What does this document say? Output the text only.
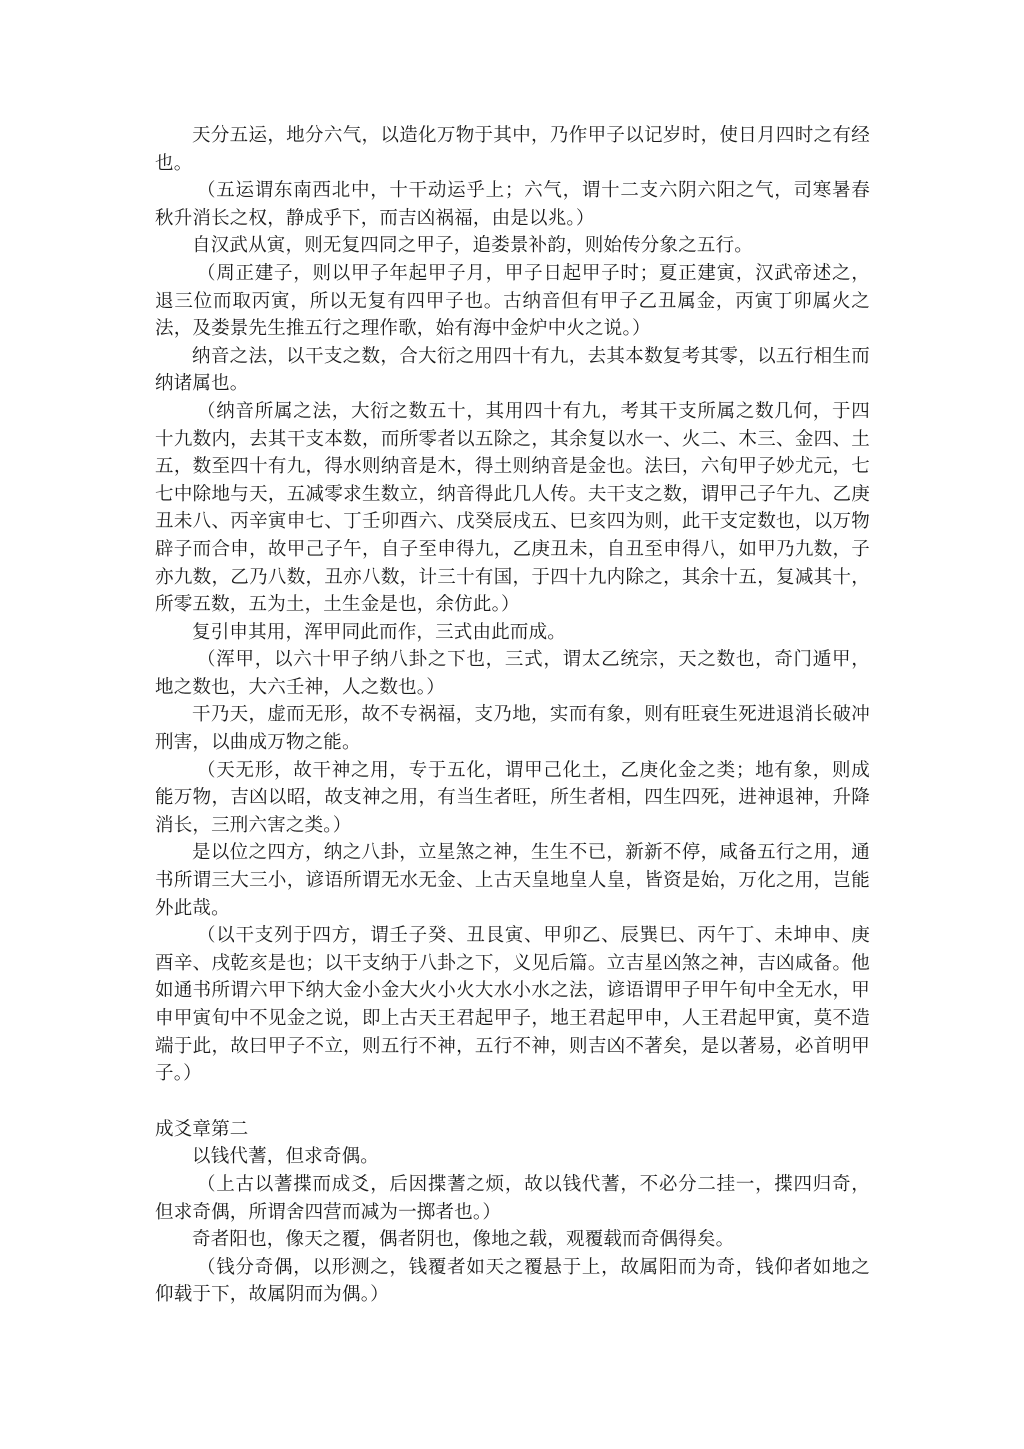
天分五运，地分六气，以造化万物于其中，乃作甲子以记岁时，使日月四时之有经也。

（五运谓东南西北中，十干动运乎上；六气，谓十二支六阴六阳之气，司寒暑春秋升消长之权，静成乎下，而吉凶祸福，由是以兆。）

自汉武从寅，则无复四同之甲子，追娄景补韵，则始传分象之五行。

（周正建子，则以甲子年起甲子月，甲子日起甲子时；夏正建寅，汉武帝述之，退三位而取丙寅，所以无复有四甲子也。古纳音但有甲子乙丑属金，丙寅丁卯属火之法，及娄景先生推五行之理作歌，始有海中金炉中火之说。）

纳音之法，以干支之数，合大衍之用四十有九，去其本数复考其零，以五行相生而纳诸属也。

（纳音所属之法，大衍之数五十，其用四十有九，考其干支所属之数几何，于四十九数内，去其干支本数，而所零者以五除之，其余复以水一、火二、木三、金四、土五，数至四十有九，得水则纳音是木，得土则纳音是金也。法曰，六旬甲子妙尤元，七七中除地与天，五减零求生数立，纳音得此几人传。夫干支之数，谓甲己子午九、乙庚丑未八、丙辛寅申七、丁壬卯酉六、戊癸辰戌五、巳亥四为则，此干支定数也，以万物辟子而合申，故甲己子午，自子至申得九，乙庚丑未，自丑至申得八，如甲乃九数，子亦九数，乙乃八数，丑亦八数，计三十有国，于四十九内除之，其余十五，复减其十，所零五数，五为土，土生金是也，余仿此。）

复引申其用，浑甲同此而作，三式由此而成。

（浑甲，以六十甲子纳八卦之下也，三式，谓太乙统宗，天之数也，奇门遁甲，地之数也，大六壬神，人之数也。）

干乃天，虚而无形，故不专祸福，支乃地，实而有象，则有旺衰生死进退消长破冲刑害，以曲成万物之能。

（天无形，故干神之用，专于五化，谓甲己化土，乙庚化金之类；地有象，则成能万物，吉凶以昭，故支神之用，有当生者旺，所生者相，四生四死，进神退神，升降消长，三刑六害之类。）

是以位之四方，纳之八卦，立星煞之神，生生不已，新新不停，咸备五行之用，通书所谓三大三小，谚语所谓无水无金、上古天皇地皇人皇，皆资是始，万化之用，岂能外此哉。

（以干支列于四方，谓壬子癸、丑艮寅、甲卯乙、辰巽巳、丙午丁、未坤申、庚酉辛、戌乾亥是也；以干支纳于八卦之下，义见后篇。立吉星凶煞之神，吉凶咸备。他如通书所谓六甲下纳大金小金大火小火大水小水之法，谚语谓甲子甲午旬中全无水，甲申甲寅旬中不见金之说，即上古天王君起甲子，地王君起甲申，人王君起甲寅，莫不造端于此，故曰甲子不立，则五行不神，五行不神，则吉凶不著矣，是以著易，必首明甲子。）

成爻章第二

以钱代蓍，但求奇偶。

（上古以蓍揲而成爻，后因揲蓍之烦，故以钱代蓍，不必分二挂一，揲四归奇，但求奇偶，所谓舍四营而减为一掷者也。）

奇者阳也，像天之覆，偶者阴也，像地之载，观覆载而奇偶得矣。

（钱分奇偶，以形测之，钱覆者如天之覆悬于上，故属阳而为奇，钱仰者如地之仰载于下，故属阴而为偶。）
